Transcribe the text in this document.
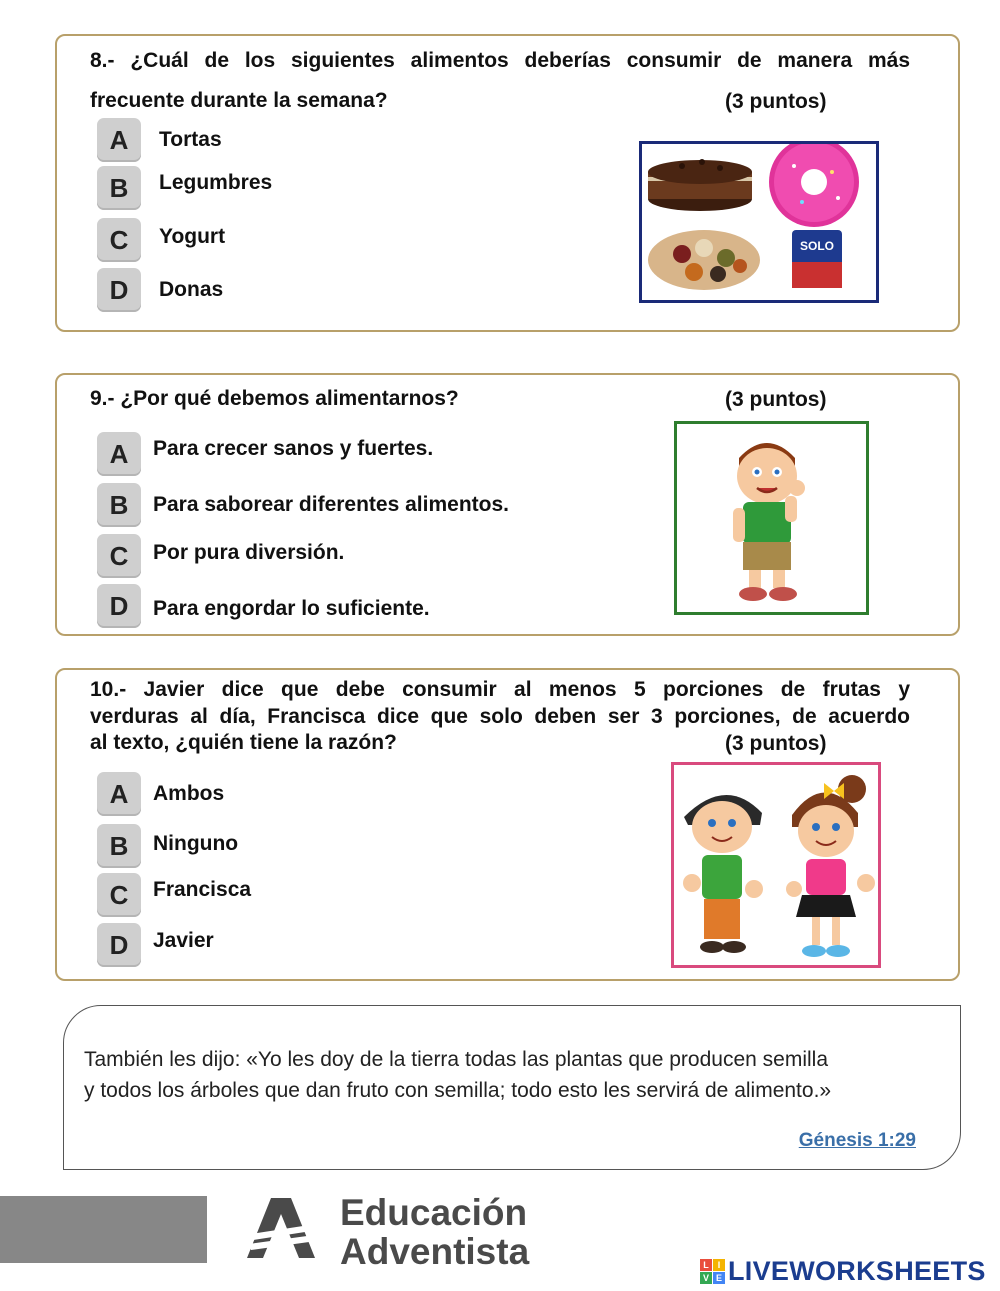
8.- ¿Cuál de los siguientes alimentos deberías consumir de manera más
frecuente durante la semana?	(3 puntos)
A	Tortas
B	Legumbres
C	Yogurt
D	Donas
SOLO
9.- ¿Por qué debemos alimentarnos?	(3 puntos)
A	Para crecer sanos y fuertes.
B	Para saborear diferentes alimentos.
C	Por pura diversión.
D	Para engordar lo suficiente.
10.- Javier dice que debe consumir al menos 5 porciones de frutas y
verduras al día, Francisca dice que solo deben ser 3 porciones, de acuerdo
al texto, ¿quién tiene la razón?	(3 puntos)
A	Ambos
B	Ninguno
C	Francisca
D	Javier
También les dijo: «Yo les doy de la tierra todas las plantas que producen semilla
y todos los árboles que dan fruto con semilla; todo esto les servirá de alimento.»
Génesis 1:29
Educación
Adventista	L I
V E LIVEWORKSHEETS
